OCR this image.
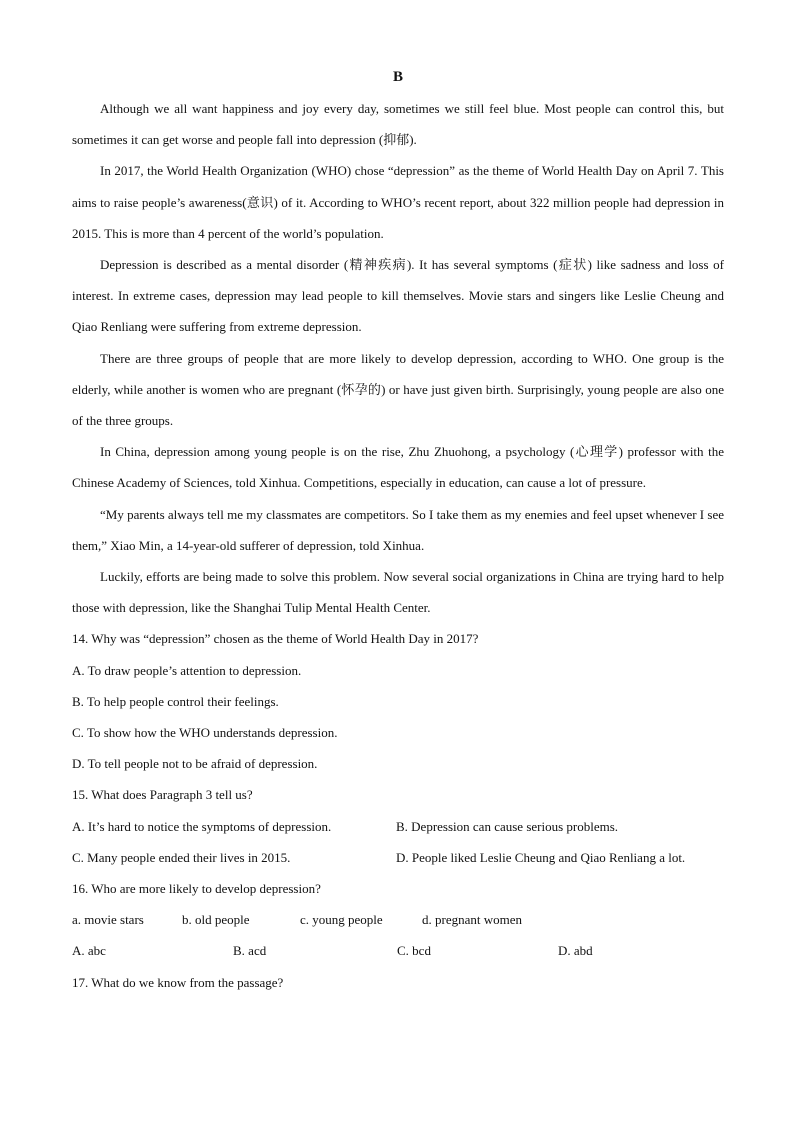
B

Although we all want happiness and joy every day, sometimes we still feel blue. Most people can control this, but sometimes it can get worse and people fall into depression (抑郁).

In 2017, the World Health Organization (WHO) chose “depression” as the theme of World Health Day on April 7. This aims to raise people’s awareness(意识) of it. According to WHO’s recent report, about 322 million people had depression in 2015. This is more than 4 percent of the world’s population.

Depression is described as a mental disorder (精神疾病). It has several symptoms (症状) like sadness and loss of interest. In extreme cases, depression may lead people to kill themselves. Movie stars and singers like Leslie Cheung and Qiao Renliang were suffering from extreme depression.

There are three groups of people that are more likely to develop depression, according to WHO. One group is the elderly, while another is women who are pregnant (怀孕的) or have just given birth. Surprisingly, young people are also one of the three groups.

In China, depression among young people is on the rise, Zhu Zhuohong, a psychology (心理学) professor with the Chinese Academy of Sciences, told Xinhua. Competitions, especially in education, can cause a lot of pressure.

“My parents always tell me my classmates are competitors. So I take them as my enemies and feel upset whenever I see them,” Xiao Min, a 14-year-old sufferer of depression, told Xinhua.

Luckily, efforts are being made to solve this problem. Now several social organizations in China are trying hard to help those with depression, like the Shanghai Tulip Mental Health Center.

14. Why was “depression” chosen as the theme of World Health Day in 2017?
A. To draw people’s attention to depression.
B. To help people control their feelings.
C. To show how the WHO understands depression.
D. To tell people not to be afraid of depression.
15. What does Paragraph 3 tell us?
A. It’s hard to notice the symptoms of depression.	B. Depression can cause serious problems.
C. Many people ended their lives in 2015.	D. People liked Leslie Cheung and Qiao Renliang a lot.
16. Who are more likely to develop depression?
a. movie stars	b. old people	c. young people	d. pregnant women
A. abc	B. acd	C. bcd	D. abd
17. What do we know from the passage?
